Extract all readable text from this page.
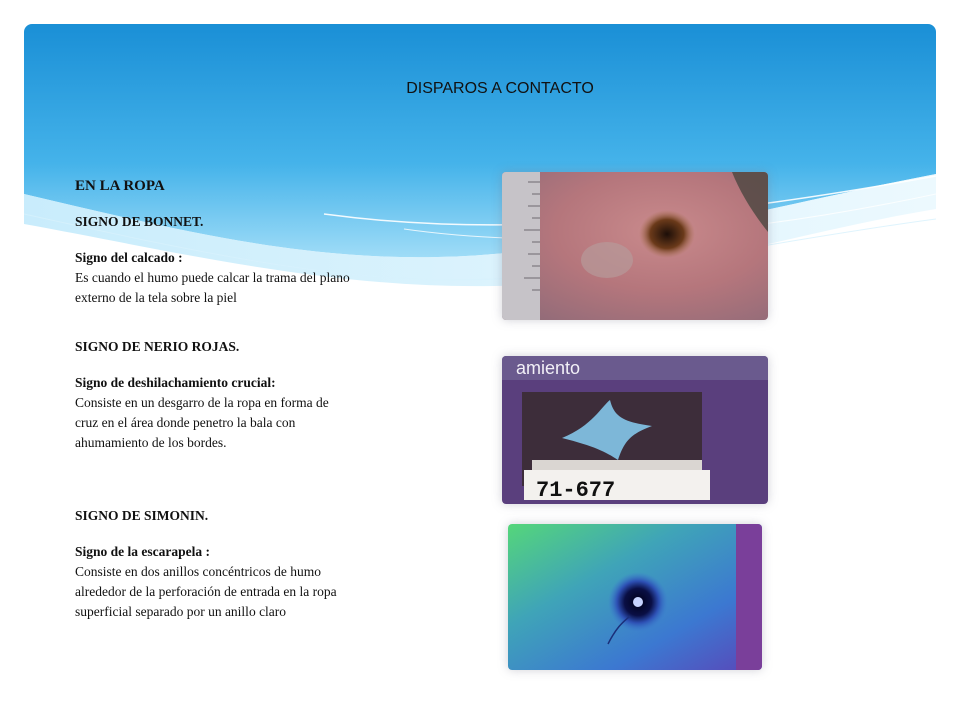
DISPAROS A CONTACTO

EN LA ROPA

SIGNO DE BONNET.

Signo del calcado :

Es cuando el humo puede calcar la trama del plano
externo de la tela sobre la piel

SIGNO DE NERIO ROJAS.

Signo de deshilachamiento crucial:

Consiste en un desgarro de la ropa en forma de
cruz en el área donde penetro la bala con
ahumamiento de los bordes.

SIGNO DE SIMONIN.

Signo de la escarapela :

Consiste en dos anillos concéntricos de humo
alrededor de la perforación de entrada en la ropa
superficial separado por un anillo claro

amiento
71-677
